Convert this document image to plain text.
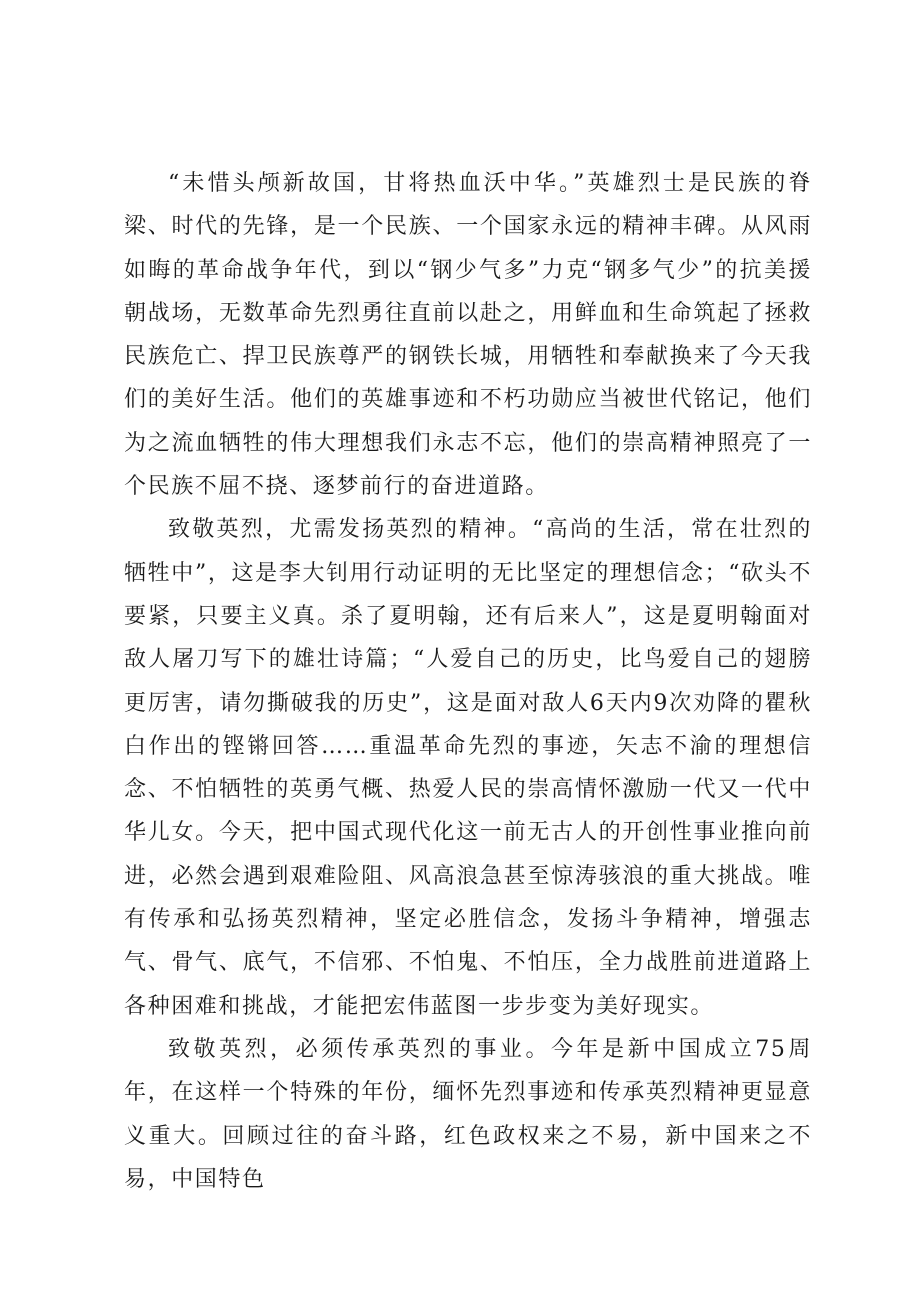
“未惜头颅新故国，甘将热血沃中华。”英雄烈士是民族的脊梁、时代的先锋，是一个民族、一个国家永远的精神丰碑。从风雨如晦的革命战争年代，到以“钢少气多”力克“钢多气少”的抗美援朝战场，无数革命先烈勇往直前以赴之，用鲜血和生命筑起了拯救民族危亡、捍卫民族尊严的钢铁长城，用牺牲和奉献换来了今天我们的美好生活。他们的英雄事迹和不朽功勋应当被世代铭记，他们为之流血牺牲的伟大理想我们永志不忘，他们的崇高精神照亮了一个民族不屈不挠、逐梦前行的奋进道路。

致敬英烈，尤需发扬英烈的精神。“高尚的生活，常在壮烈的牺牲中”，这是李大钊用行动证明的无比坚定的理想信念；“砍头不要紧，只要主义真。杀了夏明翰，还有后来人”，这是夏明翰面对敌人屠刀写下的雄壮诗篇；“人爱自己的历史，比鸟爱自己的翅膀更厉害，请勿撕破我的历史”，这是面对敌人6天内9次劝降的瞿秋白作出的铿锵回答……重温革命先烈的事迹，矢志不渝的理想信念、不怕牺牲的英勇气概、热爱人民的崇高情怀激励一代又一代中华儿女。今天，把中国式现代化这一前无古人的开创性事业推向前进，必然会遇到艰难险阻、风高浪急甚至惊涛骇浪的重大挑战。唯有传承和弘扬英烈精神，坚定必胜信念，发扬斗争精神，增强志气、骨气、底气，不信邪、不怕鬼、不怕压，全力战胜前进道路上各种困难和挑战，才能把宏伟蓝图一步步变为美好现实。

致敬英烈，必须传承英烈的事业。今年是新中国成立75周年，在这样一个特殊的年份，缅怀先烈事迹和传承英烈精神更显意义重大。回顾过往的奋斗路，红色政权来之不易，新中国来之不易，中国特色
